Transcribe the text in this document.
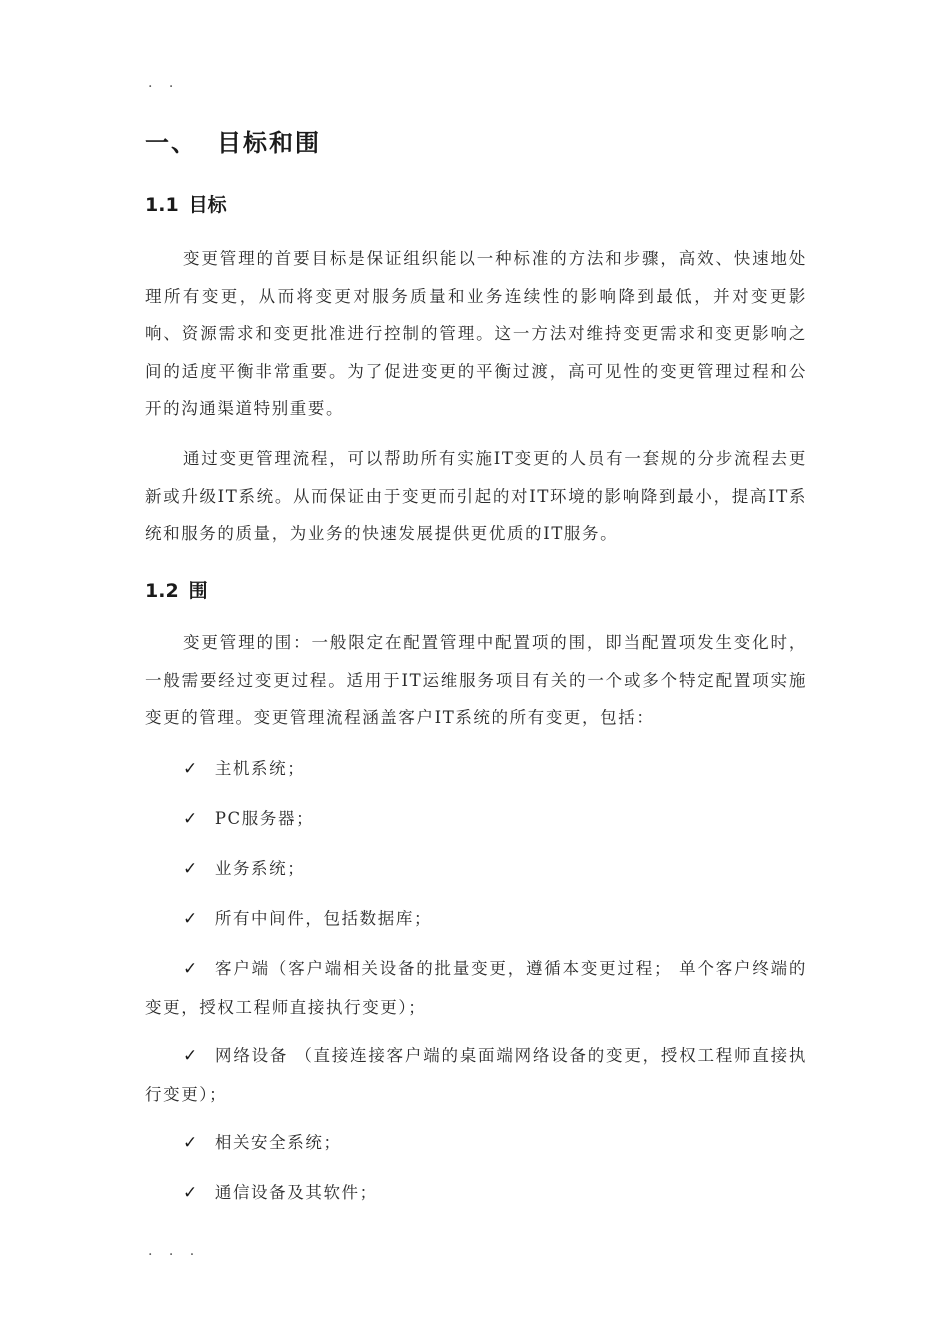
. .
一、 目标和围
1.1 目标

变更管理的首要目标是保证组织能以一种标准的方法和步骤，高效、快速地处理所有变更，从而将变更对服务质量和业务连续性的影响降到最低，并对变更影响、资源需求和变更批准进行控制的管理。这一方法对维持变更需求和变更影响之间的适度平衡非常重要。为了促进变更的平衡过渡，高可见性的变更管理过程和公开的沟通渠道特别重要。

通过变更管理流程，可以帮助所有实施IT变更的人员有一套规的分步流程去更新或升级IT系统。从而保证由于变更而引起的对IT环境的影响降到最小，提高IT系统和服务的质量，为业务的快速发展提供更优质的IT服务。

1.2 围

变更管理的围：一般限定在配置管理中配置项的围，即当配置项发生变化时，一般需要经过变更过程。适用于IT运维服务项目有关的一个或多个特定配置项实施变更的管理。变更管理流程涵盖客户IT系统的所有变更，包括：

✓ 主机系统；
✓ PC服务器；
✓ 业务系统；
✓ 所有中间件，包括数据库；
✓ 客户端（客户端相关设备的批量变更，遵循本变更过程； 单个客户终端的变更，授权工程师直接执行变更）；
✓ 网络设备 （直接连接客户端的桌面端网络设备的变更，授权工程师直接执行变更）；
✓ 相关安全系统；
✓ 通信设备及其软件；
. . .
